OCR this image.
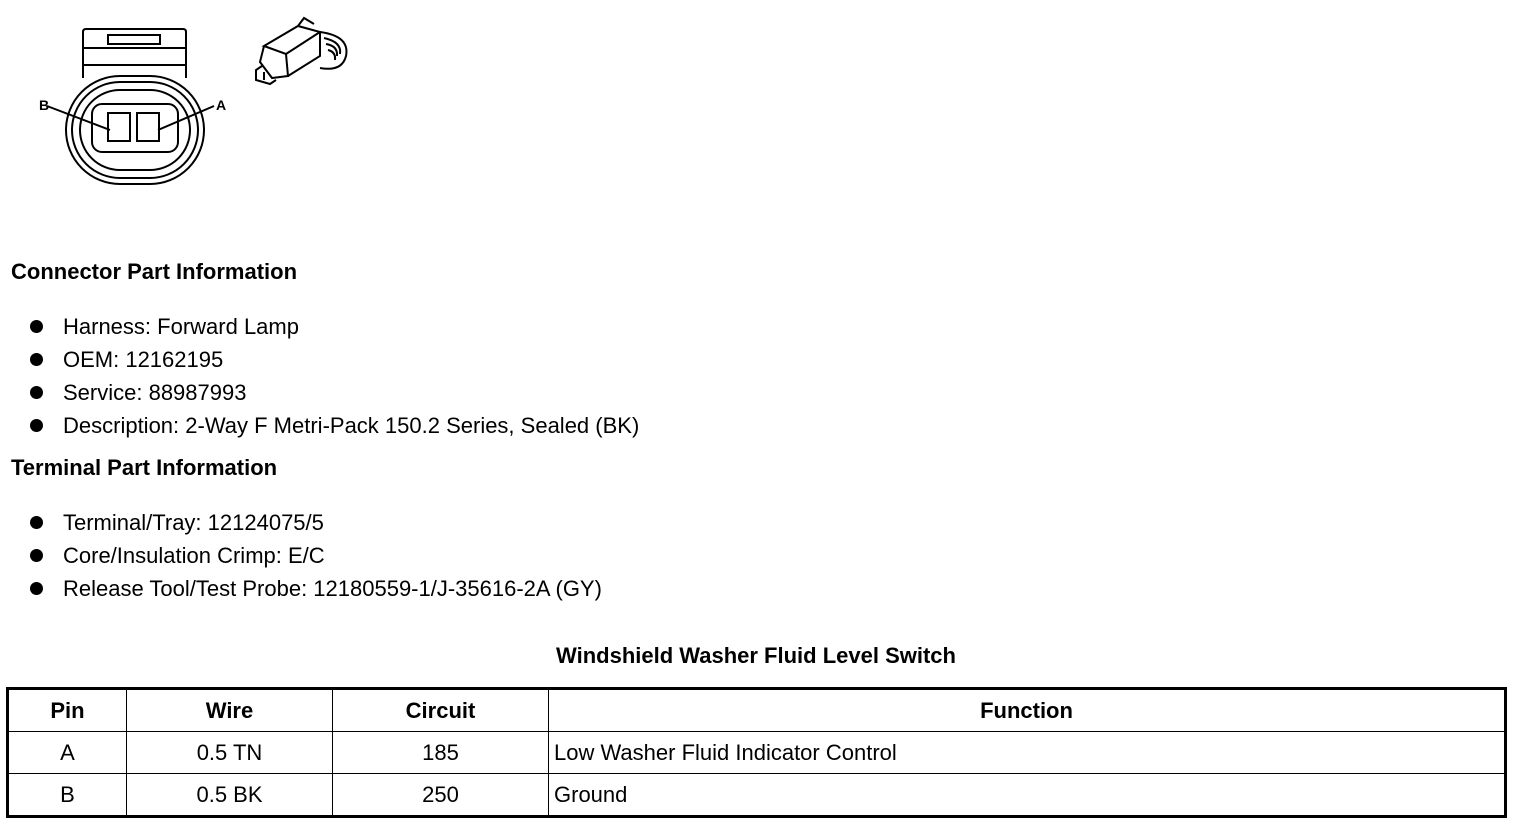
B	A
Connector Part Information
Harness: Forward Lamp
OEM: 12162195
Service: 88987993
Description: 2-Way F Metri-Pack 150.2 Series, Sealed (BK)
Terminal Part Information
Terminal/Tray: 12124075/5
Core/Insulation Crimp: E/C
Release Tool/Test Probe: 12180559-1/J-35616-2A (GY)
Windshield Washer Fluid Level Switch
Pin	Wire	Circuit	Function
A	0.5 TN	185	Low Washer Fluid Indicator Control
B	0.5 BK	250	Ground
